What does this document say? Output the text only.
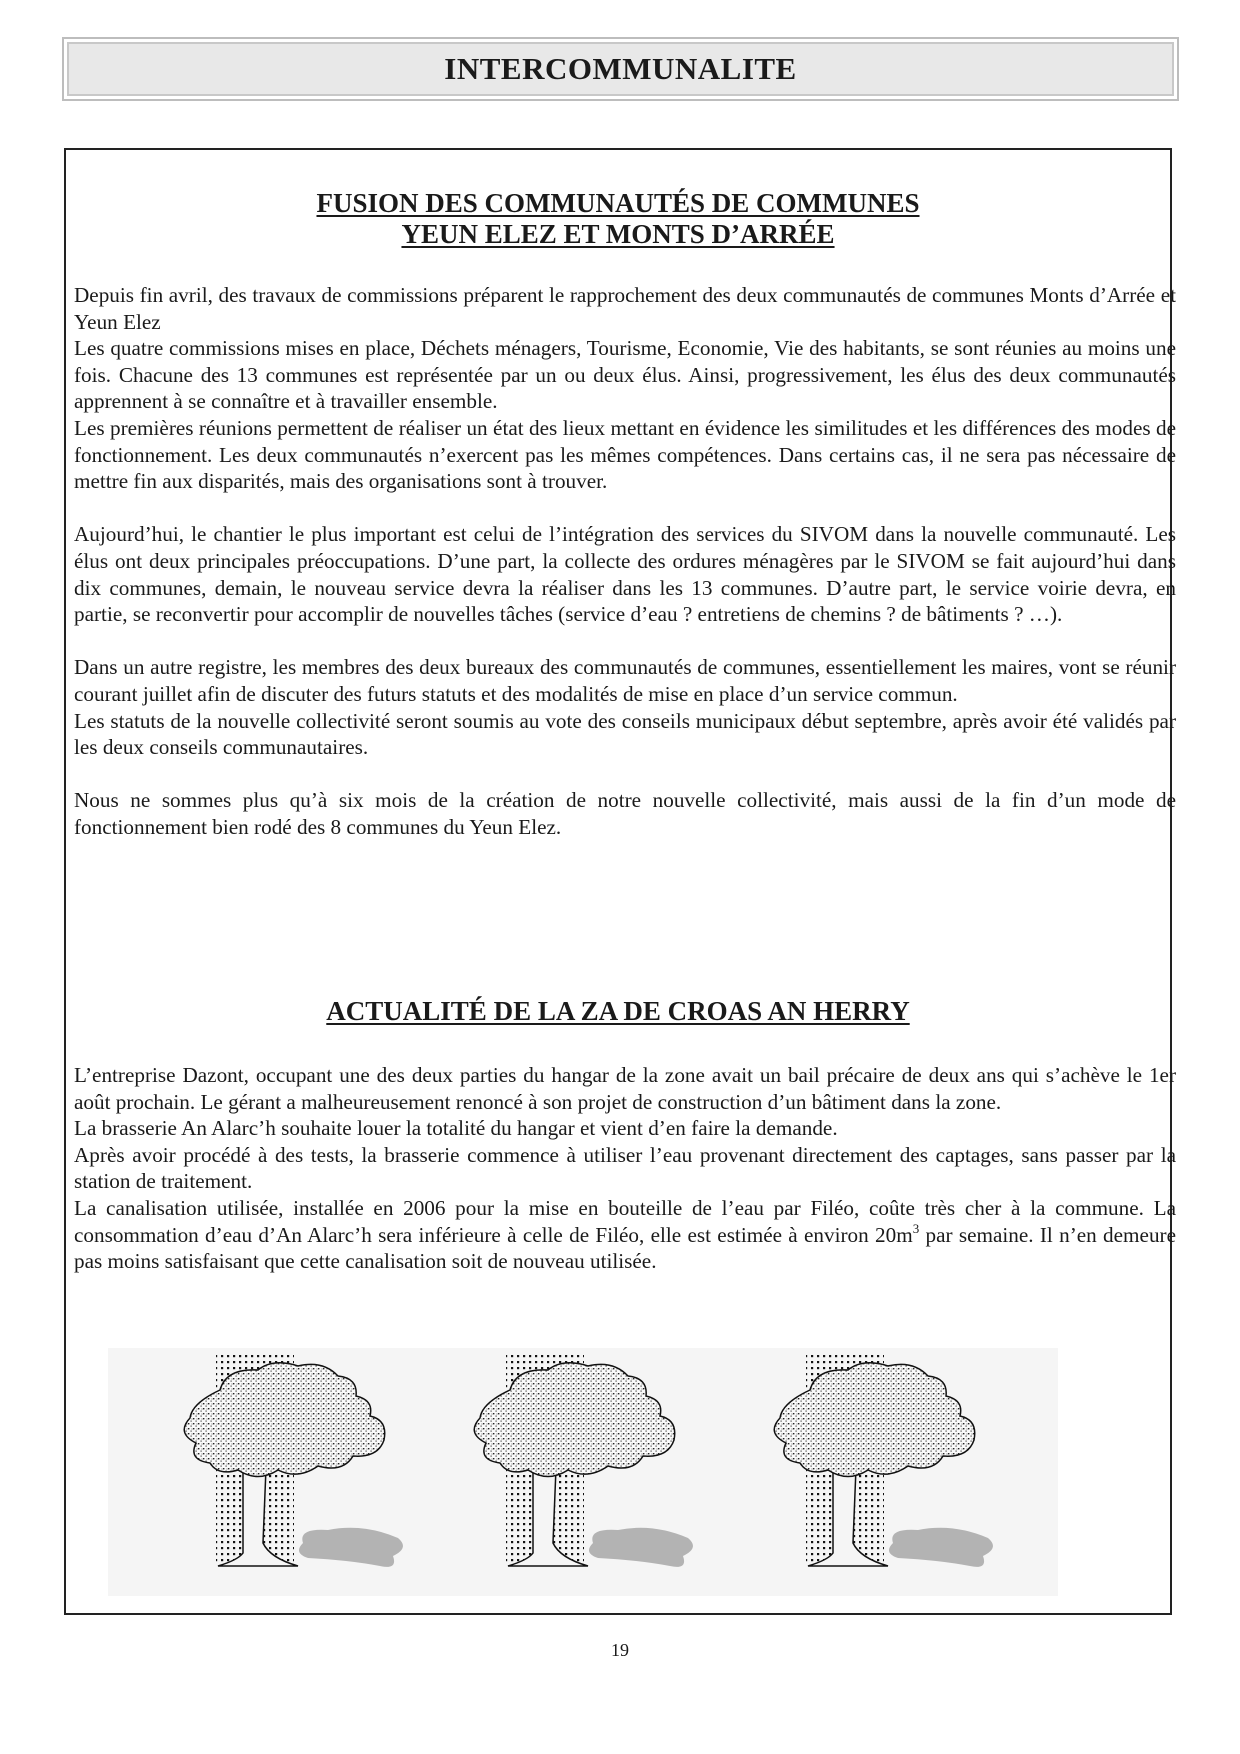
INTERCOMMUNALITE
FUSION DES COMMUNAUTÉS DE COMMUNES
YEUN ELEZ ET MONTS D’ARRÉE

Depuis fin avril, des travaux de commissions préparent le rapprochement des deux communautés de communes Monts d’Arrée et Yeun Elez

Les quatre commissions mises en place, Déchets ménagers, Tourisme, Economie, Vie des habitants, se sont réunies au moins une fois. Chacune des 13 communes est représentée par un ou deux élus. Ainsi, progressivement, les élus des deux communautés apprennent à se connaître et à travailler ensemble.

Les premières réunions permettent de réaliser un état des lieux mettant en évidence les similitudes et les différences des modes de fonctionnement. Les deux communautés n’exercent pas les mêmes compétences. Dans certains cas, il ne sera pas nécessaire de mettre fin aux disparités, mais des organisations sont à trouver.

Aujourd’hui, le chantier le plus important est celui de l’intégration des services du SIVOM dans la nouvelle communauté. Les élus ont deux principales préoccupations. D’une part, la collecte des ordures ménagères par le SIVOM se fait aujourd’hui dans dix communes, demain, le nouveau service devra la réaliser dans les 13 communes. D’autre part, le service voirie devra, en partie, se reconvertir pour accomplir de nouvelles tâches (service d’eau ? entretiens de chemins ? de bâtiments ? …).

Dans un autre registre, les membres des deux bureaux des communautés de communes, essentiellement les maires, vont se réunir courant juillet afin de discuter des futurs statuts et des modalités de mise en place d’un service commun.

Les statuts de la nouvelle collectivité seront soumis au vote des conseils municipaux début septembre, après avoir été validés par les deux conseils communautaires.

Nous ne sommes plus qu’à six mois de la création de notre nouvelle collectivité, mais aussi de la fin d’un mode de fonctionnement bien rodé des 8 communes du Yeun Elez.

ACTUALITÉ DE LA ZA DE CROAS AN HERRY

L’entreprise Dazont, occupant une des deux parties du hangar de la zone avait un bail précaire de deux ans qui s’achève le 1er août prochain. Le gérant a malheureusement renoncé à son projet de construction d’un bâtiment dans la zone.

La brasserie An Alarc’h souhaite louer la totalité du hangar et vient d’en faire la demande.

Après avoir procédé à des tests, la brasserie commence à utiliser l’eau provenant directement des captages, sans passer par la station de traitement.

La canalisation utilisée, installée en 2006 pour la mise en bouteille de l’eau par Filéo, coûte très cher à la commune. La consommation d’eau d’An Alarc’h sera inférieure à celle de Filéo, elle est estimée à environ $20m^3$ par semaine. Il n’en demeure pas moins satisfaisant que cette canalisation soit de nouveau utilisée.

19
